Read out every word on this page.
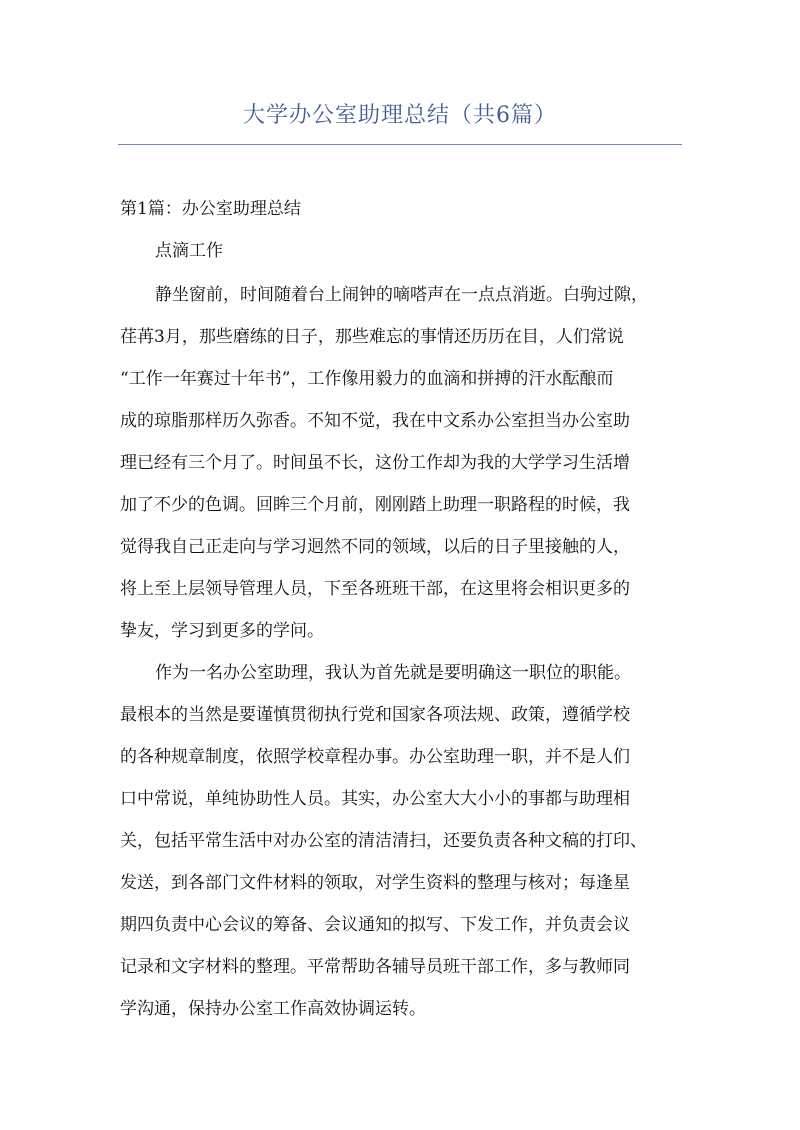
大学办公室助理总结（共6篇）
第1篇：办公室助理总结
点滴工作
静坐窗前，时间随着台上闹钟的嘀嗒声在一点点消逝。白驹过隙，
荏苒3月，那些磨练的日子，那些难忘的事情还历历在目，人们常说
“工作一年赛过十年书”，工作像用毅力的血滴和拼搏的汗水酝酿而
成的琼脂那样历久弥香。不知不觉，我在中文系办公室担当办公室助
理已经有三个月了。时间虽不长，这份工作却为我的大学学习生活增
加了不少的色调。回眸三个月前，刚刚踏上助理一职路程的时候，我
觉得我自己正走向与学习迥然不同的领域，以后的日子里接触的人，
将上至上层领导管理人员，下至各班班干部，在这里将会相识更多的
挚友，学习到更多的学问。
作为一名办公室助理，我认为首先就是要明确这一职位的职能。
最根本的当然是要谨慎贯彻执行党和国家各项法规、政策，遵循学校
的各种规章制度，依照学校章程办事。办公室助理一职，并不是人们
口中常说，单纯协助性人员。其实，办公室大大小小的事都与助理相
关，包括平常生活中对办公室的清洁清扫，还要负责各种文稿的打印、
发送，到各部门文件材料的领取，对学生资料的整理与核对；每逢星
期四负责中心会议的筹备、会议通知的拟写、下发工作，并负责会议
记录和文字材料的整理。平常帮助各辅导员班干部工作，多与教师同
学沟通，保持办公室工作高效协调运转。
